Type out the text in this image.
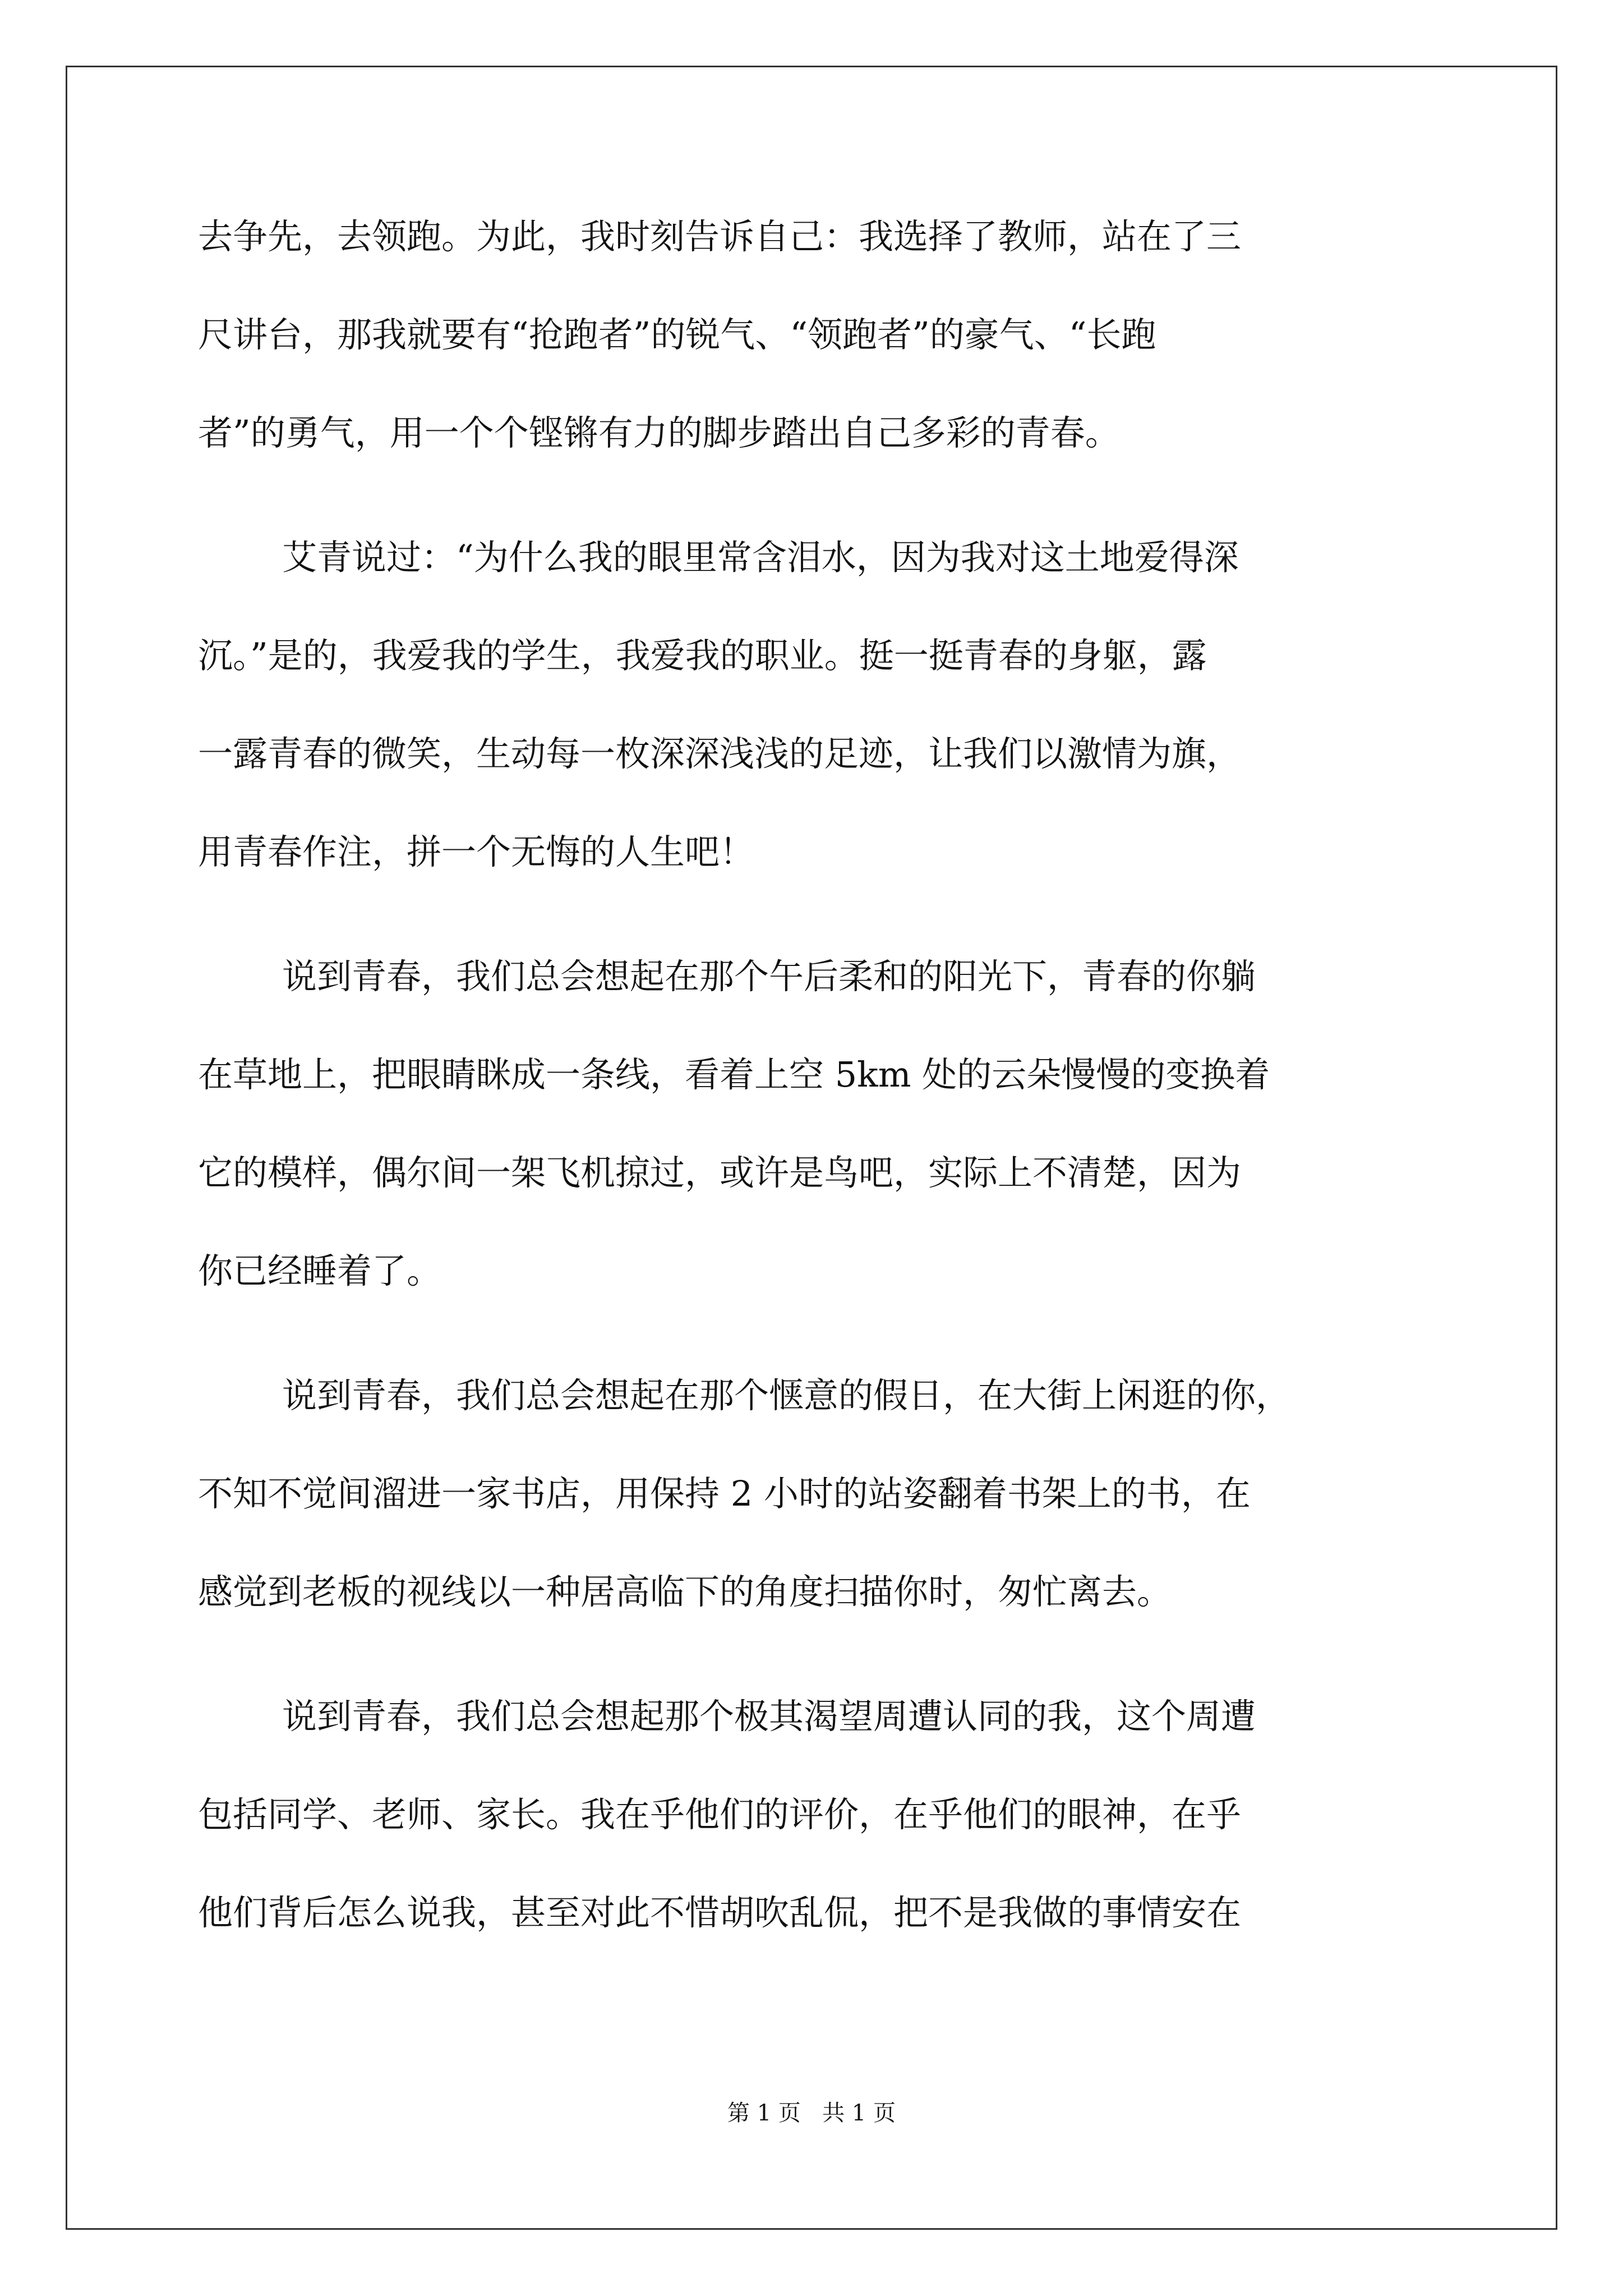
去争先，去领跑。为此，我时刻告诉自己：我选择了教师，站在了三
尺讲台，那我就要有“抢跑者”的锐气、“领跑者”的豪气、“长跑
者”的勇气，用一个个铿锵有力的脚步踏出自己多彩的青春。
艾青说过：“为什么我的眼里常含泪水，因为我对这土地爱得深
沉。”是的，我爱我的学生，我爱我的职业。挺一挺青春的身躯，露
一露青春的微笑，生动每一枚深深浅浅的足迹，让我们以激情为旗，
用青春作注，拼一个无悔的人生吧！
说到青春，我们总会想起在那个午后柔和的阳光下，青春的你躺
在草地上，把眼睛眯成一条线，看着上空 5km 处的云朵慢慢的变换着
它的模样，偶尔间一架飞机掠过，或许是鸟吧，实际上不清楚，因为
你已经睡着了。
说到青春，我们总会想起在那个惬意的假日，在大街上闲逛的你，
不知不觉间溜进一家书店，用保持 2 小时的站姿翻着书架上的书，在
感觉到老板的视线以一种居高临下的角度扫描你时，匆忙离去。
说到青春，我们总会想起那个极其渴望周遭认同的我，这个周遭
包括同学、老师、家长。我在乎他们的评价，在乎他们的眼神，在乎
他们背后怎么说我，甚至对此不惜胡吹乱侃，把不是我做的事情安在
第 1 页   共 1 页
